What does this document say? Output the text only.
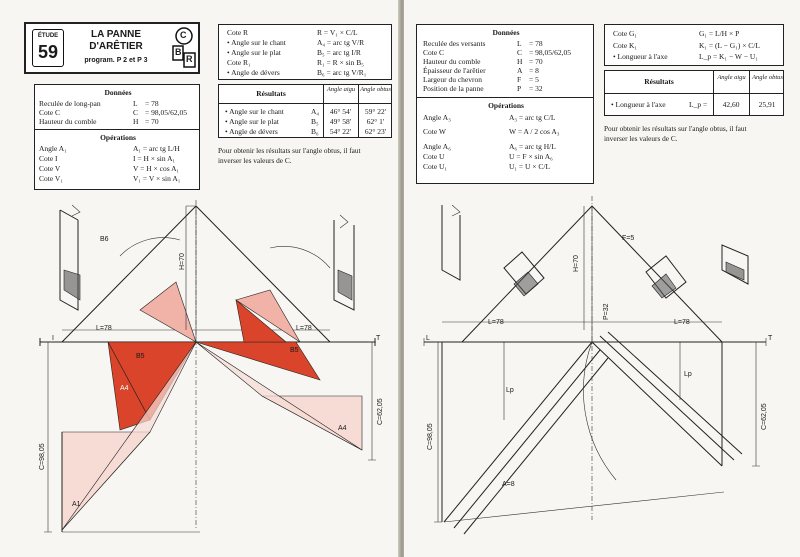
ÉTUDE
59
LA PANNE
D'ARÊTIER
program. P 2 et P 3
C
B
R
Cote R	R = V₁ × C/L
• Angle sur le chant	A₄ = arc tg V/R
• Angle sur le plat	B₅ = arc tg I/R
Cote R₁	R₁ = R × sin B₅
• Angle de dévers	B₆ = arc tg V/R₁
Données
Reculée de long-pan	L = 78
Cote C	C = 98,05/62,05
Hauteur du comble	H = 70
Opérations
Angle A₁	A₁ = arc tg L/H
Cote I	I = H × sin A₁
Cote V	V = H × cos A₁
Cote V₁	V₁ = V × sin A₁
Résultats	Angle aigu Angle obtus
• Angle sur le chant	A₄	46° 54'	59° 22'
• Angle sur le plat	B₅	49° 58'	62° 1'
• Angle de dévers	B₆	54° 22'	62° 23'
Pour obtenir les résultats sur l'angle obtus, il faut
inverser les valeurs de C.
L=78	L=78
H=70
C=98,05
C=62,05
B6
B5
B5
A4
A4
A1
I	T
Données
Reculée des versants	L = 78
Cote C	C = 98,05/62,05
Hauteur du comble	H = 70
Épaisseur de l'arêtier	A = 8
Largeur du chevron	F = 5
Position de la panne	P = 32
Opérations
Angle A₃	A₃ = arc tg C/L
Cote W	W = A / 2 cos A₃
Angle A₆	A₆ = arc tg H/L
Cote U	U = F × sin A₆
Cote U₁	U₁ = U × C/L
Cote G₁	G₁ = L/H × P
Cote K₁	K₁ = (L − G₁) × C/L
• Longueur à l'axe	L_p = K₁ − W − U₁
Résultats	Angle aigu Angle obtus
• Longueur à l'axe	L_p =	42,60	25,91
Pour obtenir les résultats sur l'angle obtus, il faut
inverser les valeurs de C.
L=78	L=78
H=70
P=32
C=98,05
C=62,05
Lp
Lp
A=8
F=5
L	T
